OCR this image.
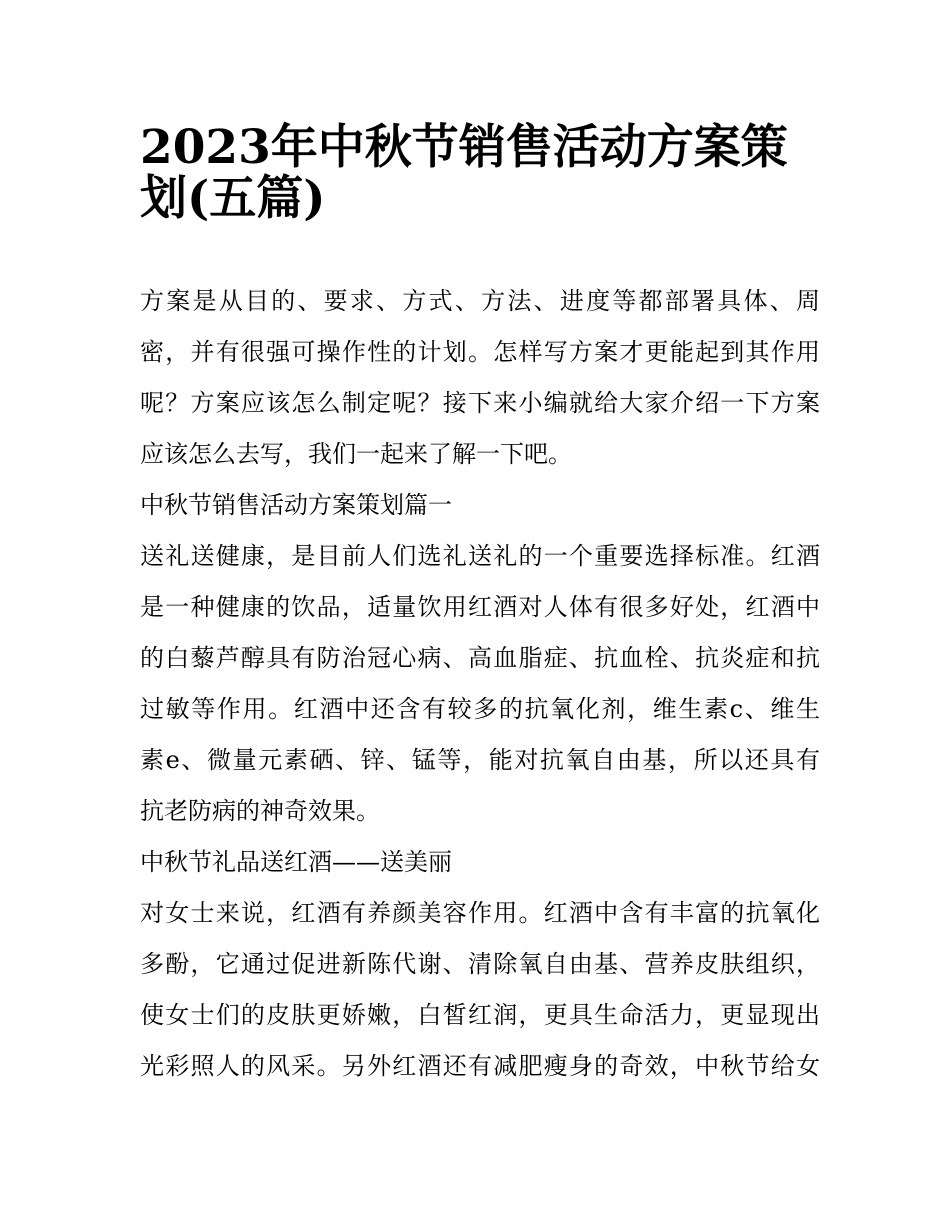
2023年中秋节销售活动方案策
划(五篇)

方案是从目的、要求、方式、方法、进度等都部署具体、周
密，并有很强可操作性的计划。怎样写方案才更能起到其作用
呢？方案应该怎么制定呢？接下来小编就给大家介绍一下方案
应该怎么去写，我们一起来了解一下吧。

中秋节销售活动方案策划篇一

送礼送健康，是目前人们选礼送礼的一个重要选择标准。红酒
是一种健康的饮品，适量饮用红酒对人体有很多好处，红酒中
的白藜芦醇具有防治冠心病、高血脂症、抗血栓、抗炎症和抗
过敏等作用。红酒中还含有较多的抗氧化剂，维生素c、维生
素e、微量元素硒、锌、锰等，能对抗氧自由基，所以还具有
抗老防病的神奇效果。

中秋节礼品送红酒——送美丽

对女士来说，红酒有养颜美容作用。红酒中含有丰富的抗氧化
多酚，它通过促进新陈代谢、清除氧自由基、营养皮肤组织，
使女士们的皮肤更娇嫩，白皙红润，更具生命活力，更显现出
光彩照人的风采。另外红酒还有减肥瘦身的奇效，中秋节给女
